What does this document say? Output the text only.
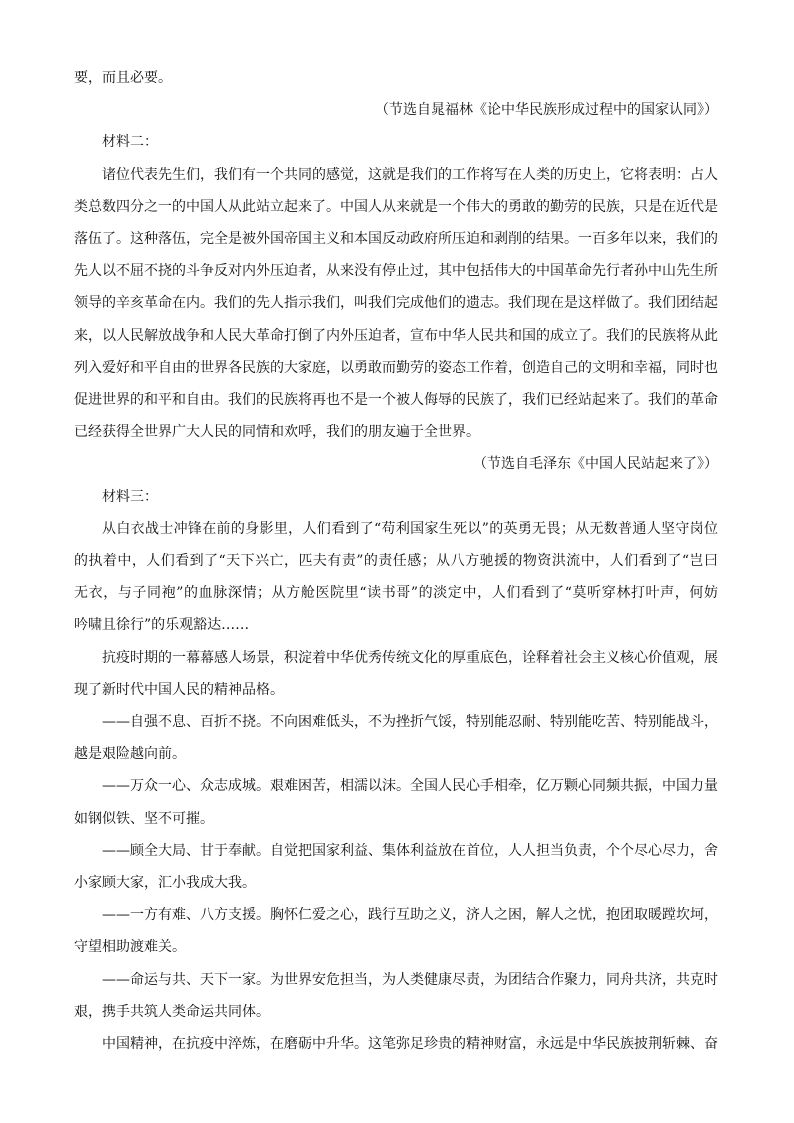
要，而且必要。

（节选自晁福林《论中华民族形成过程中的国家认同》）

材料二：

诸位代表先生们，我们有一个共同的感觉，这就是我们的工作将写在人类的历史上，它将表明：占人

类总数四分之一的中国人从此站立起来了。中国人从来就是一个伟大的勇敢的勤劳的民族，只是在近代是

落伍了。这种落伍，完全是被外国帝国主义和本国反动政府所压迫和剥削的结果。一百多年以来，我们的

先人以不屈不挠的斗争反对内外压迫者，从来没有停止过，其中包括伟大的中国革命先行者孙中山先生所

领导的辛亥革命在内。我们的先人指示我们，叫我们完成他们的遗志。我们现在是这样做了。我们团结起

来，以人民解放战争和人民大革命打倒了内外压迫者，宣布中华人民共和国的成立了。我们的民族将从此

列入爱好和平自由的世界各民族的大家庭，以勇敢而勤劳的姿态工作着，创造自己的文明和幸福，同时也

促进世界的和平和自由。我们的民族将再也不是一个被人侮辱的民族了，我们已经站起来了。我们的革命

已经获得全世界广大人民的同情和欢呼，我们的朋友遍于全世界。

（节选自毛泽东《中国人民站起来了》）

材料三：

从白衣战士冲锋在前的身影里，人们看到了“苟利国家生死以”的英勇无畏；从无数普通人坚守岗位

的执着中，人们看到了“天下兴亡，匹夫有责”的责任感；从八方驰援的物资洪流中，人们看到了“岂曰

无衣，与子同袍”的血脉深情；从方舱医院里“读书哥”的淡定中，人们看到了“莫听穿林打叶声，何妨

吟啸且徐行”的乐观豁达……

抗疫时期的一幕幕感人场景，积淀着中华优秀传统文化的厚重底色，诠释着社会主义核心价值观，展

现了新时代中国人民的精神品格。

——自强不息、百折不挠。不向困难低头，不为挫折气馁，特别能忍耐、特别能吃苦、特别能战斗，

越是艰险越向前。

——万众一心、众志成城。艰难困苦，相濡以沫。全国人民心手相牵，亿万颗心同频共振，中国力量

如钢似铁、坚不可摧。

——顾全大局、甘于奉献。自觉把国家利益、集体利益放在首位，人人担当负责，个个尽心尽力，舍

小家顾大家，汇小我成大我。

——一方有难、八方支援。胸怀仁爱之心，践行互助之义，济人之困，解人之忧，抱团取暖蹚坎坷，

守望相助渡难关。

——命运与共、天下一家。为世界安危担当，为人类健康尽责，为团结合作聚力，同舟共济，共克时

艰，携手共筑人类命运共同体。

中国精神，在抗疫中淬炼，在磨砺中升华。这笔弥足珍贵的精神财富，永远是中华民族披荆斩棘、奋
